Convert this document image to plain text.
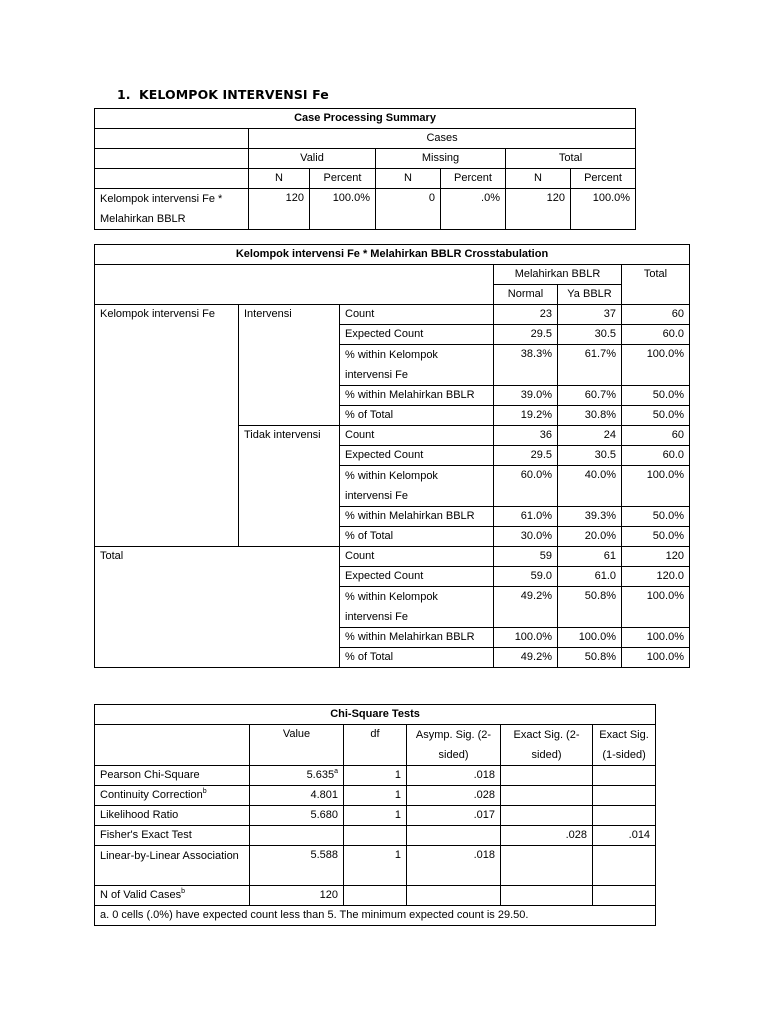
1. KELOMPOK INTERVENSI Fe
Case Processing Summary						
	Cases					
	Valid		Missing		Total	
	N	Percent	N	Percent	N	Percent
Kelompok intervensi Fe * Melahirkan BBLR	120	100.0%	0	.0%	120	100.0%
Kelompok intervensi Fe * Melahirkan BBLR Crosstabulation					
			Melahirkan BBLR		Total
			Normal	Ya BBLR	
Kelompok intervensi Fe	Intervensi	Count	23	37	60
		Expected Count	29.5	30.5	60.0
		% within Kelompok intervensi Fe	38.3%	61.7%	100.0%
		% within Melahirkan BBLR	39.0%	60.7%	50.0%
		% of Total	19.2%	30.8%	50.0%
	Tidak intervensi	Count	36	24	60
		Expected Count	29.5	30.5	60.0
		% within Kelompok intervensi Fe	60.0%	40.0%	100.0%
		% within Melahirkan BBLR	61.0%	39.3%	50.0%
		% of Total	30.0%	20.0%	50.0%
Total		Count	59	61	120
		Expected Count	59.0	61.0	120.0
		% within Kelompok intervensi Fe	49.2%	50.8%	100.0%
		% within Melahirkan BBLR	100.0%	100.0%	100.0%
		% of Total	49.2%	50.8%	100.0%
Chi-Square Tests					
	Value	df	Asymp. Sig. (2-sided)	Exact Sig. (2-sided)	Exact Sig. (1-sided)
Pearson Chi-Square	5.635$^a$	1	.018		
Continuity Correction$^b$	4.801	1	.028		
Likelihood Ratio	5.680	1	.017		
Fisher's Exact Test				.028	.014
Linear-by-Linear Association	5.588	1	.018		
N of Valid Cases$^b$	120				
a. 0 cells (.0%) have expected count less than 5. The minimum expected count is 29.50.					
